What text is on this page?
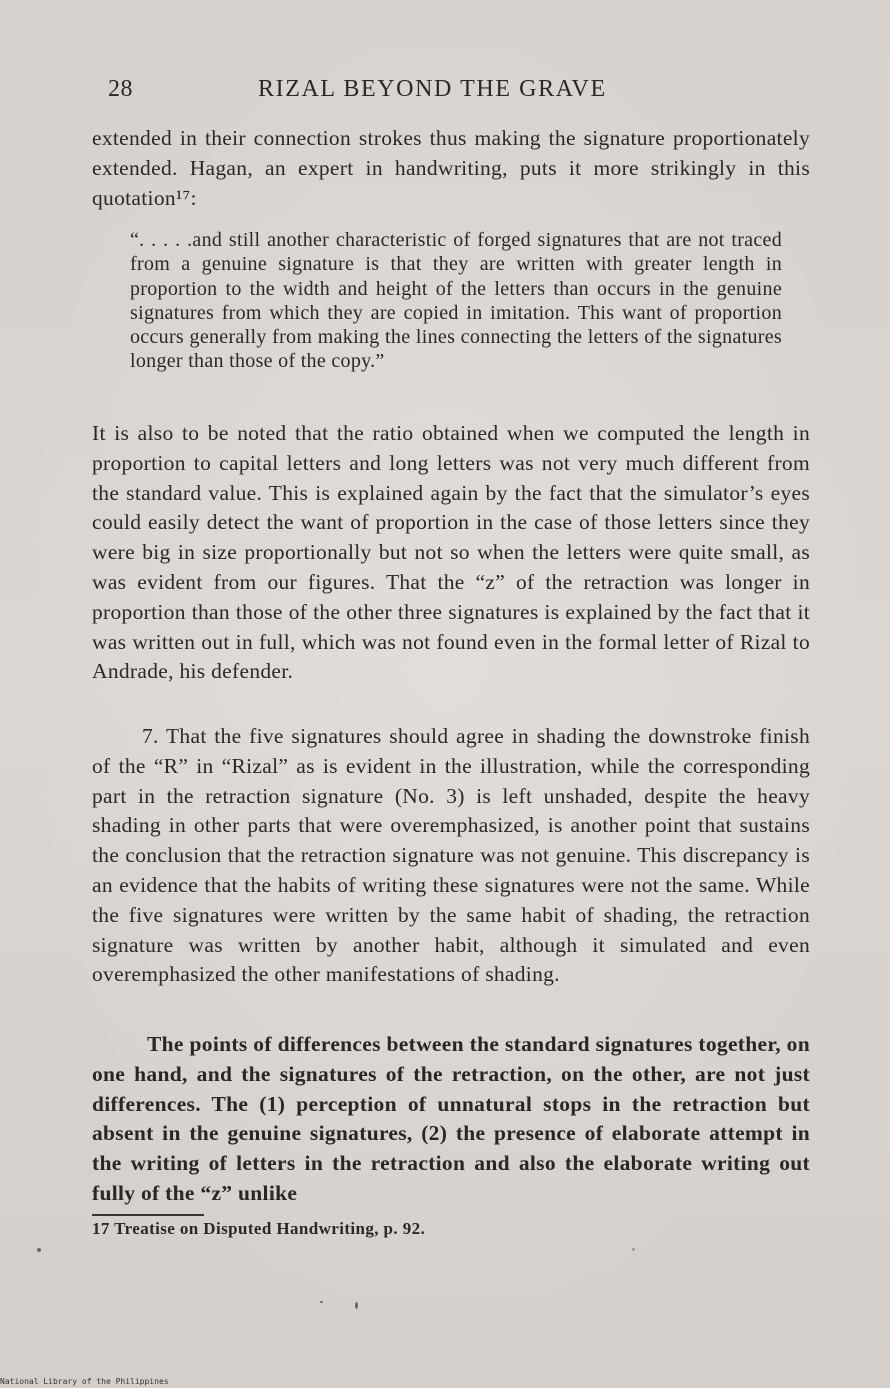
28	RIZAL BEYOND THE GRAVE

extended in their connection strokes thus making the signature proportionately extended. Hagan, an expert in handwriting, puts it more strikingly in this quotation¹⁷:

“. . . . .and still another characteristic of forged signatures that are not traced from a genuine signature is that they are written with greater length in proportion to the width and height of the letters than occurs in the genuine signatures from which they are copied in imitation. This want of proportion occurs generally from making the lines connecting the letters of the signatures longer than those of the copy.”

It is also to be noted that the ratio obtained when we computed the length in proportion to capital letters and long letters was not very much different from the standard value. This is explained again by the fact that the simulator’s eyes could easily detect the want of proportion in the case of those letters since they were big in size proportionally but not so when the letters were quite small, as was evident from our figures. That the “z” of the retraction was longer in proportion than those of the other three signatures is explained by the fact that it was written out in full, which was not found even in the formal letter of Rizal to Andrade, his defender.

7. That the five signatures should agree in shading the downstroke finish of the “R” in “Rizal” as is evident in the illustration, while the corresponding part in the retraction signature (No. 3) is left unshaded, despite the heavy shading in other parts that were overemphasized, is another point that sustains the conclusion that the retraction signature was not genuine. This discrepancy is an evidence that the habits of writing these signatures were not the same. While the five signatures were written by the same habit of shading, the retraction signature was written by another habit, although it simulated and even overemphasized the other manifestations of shading.

The points of differences between the standard signatures together, on one hand, and the signatures of the retraction, on the other, are not just differences. The (1) perception of unnatural stops in the retraction but absent in the genuine signatures, (2) the presence of elaborate attempt in the writing of letters in the retraction and also the elaborate writing out fully of the “z” unlike

17 Treatise on Disputed Handwriting, p. 92.

National Library of the Philippines
